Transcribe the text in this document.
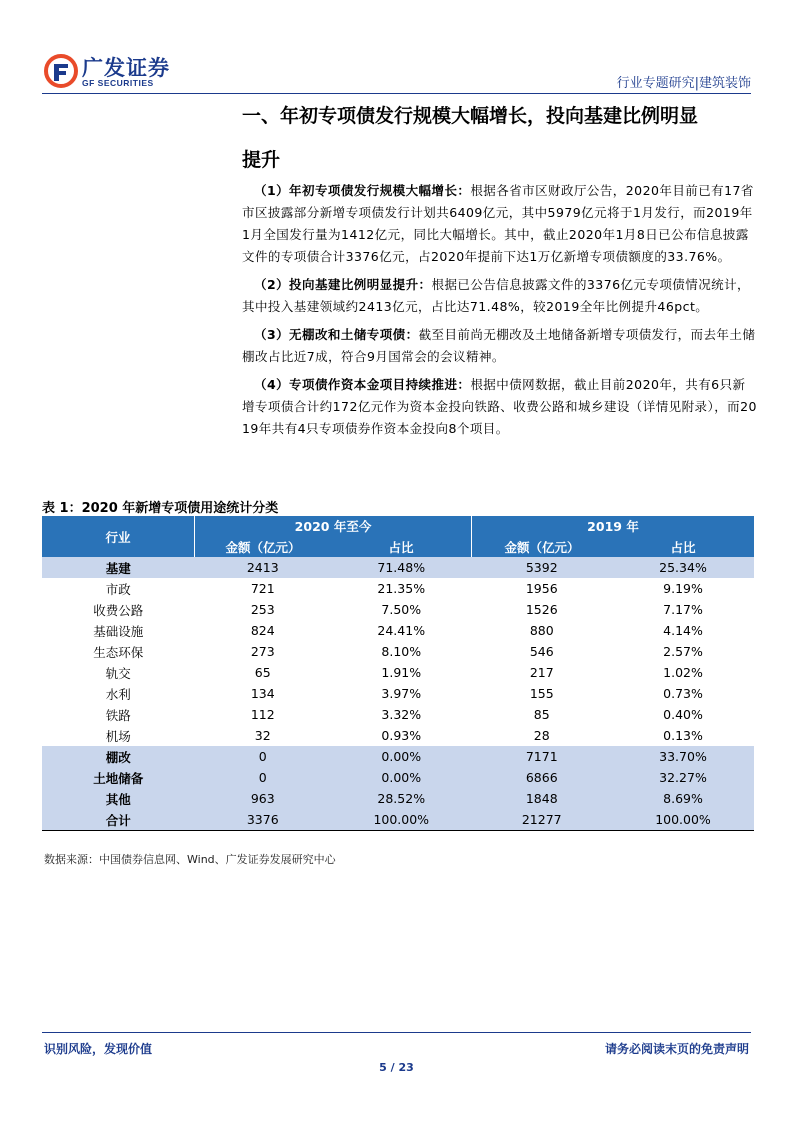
广发证券
GF SECURITIES	行业专题研究|建筑装饰
一、年初专项债发行规模大幅增长，投向基建比例明显
提升

（1）年初专项债发行规模大幅增长：根据各省市区财政厅公告，2020年目前已有17省市区披露部分新增专项债发行计划共6409亿元，其中5979亿元将于1月发行，而2019年1月全国发行量为1412亿元，同比大幅增长。其中，截止2020年1月8日已公布信息披露文件的专项债合计3376亿元，占2020年提前下达1万亿新增专项债额度的33.76%。

（2）投向基建比例明显提升：根据已公告信息披露文件的3376亿元专项债情况统计，其中投入基建领域约2413亿元，占比达71.48%，较2019全年比例提升46pct。

（3）无棚改和土储专项债：截至目前尚无棚改及土地储备新增专项债发行，而去年土储棚改占比近7成，符合9月国常会的会议精神。

（4）专项债作资本金项目持续推进：根据中债网数据，截止目前2020年，共有6只新增专项债合计约172亿元作为资本金投向铁路、收费公路和城乡建设（详情见附录），而2019年共有4只专项债券作资本金投向8个项目。

表 1：2020 年新增专项债用途统计分类
行业	2020 年至今		2019 年	
	金额（亿元）	占比	金额（亿元）	占比
基建	2413	71.48%	5392	25.34%
市政	721	21.35%	1956	9.19%
收费公路	253	7.50%	1526	7.17%
基础设施	824	24.41%	880	4.14%
生态环保	273	8.10%	546	2.57%
轨交	65	1.91%	217	1.02%
水利	134	3.97%	155	0.73%
铁路	112	3.32%	85	0.40%
机场	32	0.93%	28	0.13%
棚改	0	0.00%	7171	33.70%
土地储备	0	0.00%	6866	32.27%
其他	963	28.52%	1848	8.69%
合计	3376	100.00%	21277	100.00%
数据来源：中国债券信息网、Wind、广发证券发展研究中心
识别风险，发现价值	请务必阅读末页的免责声明
5 / 23
